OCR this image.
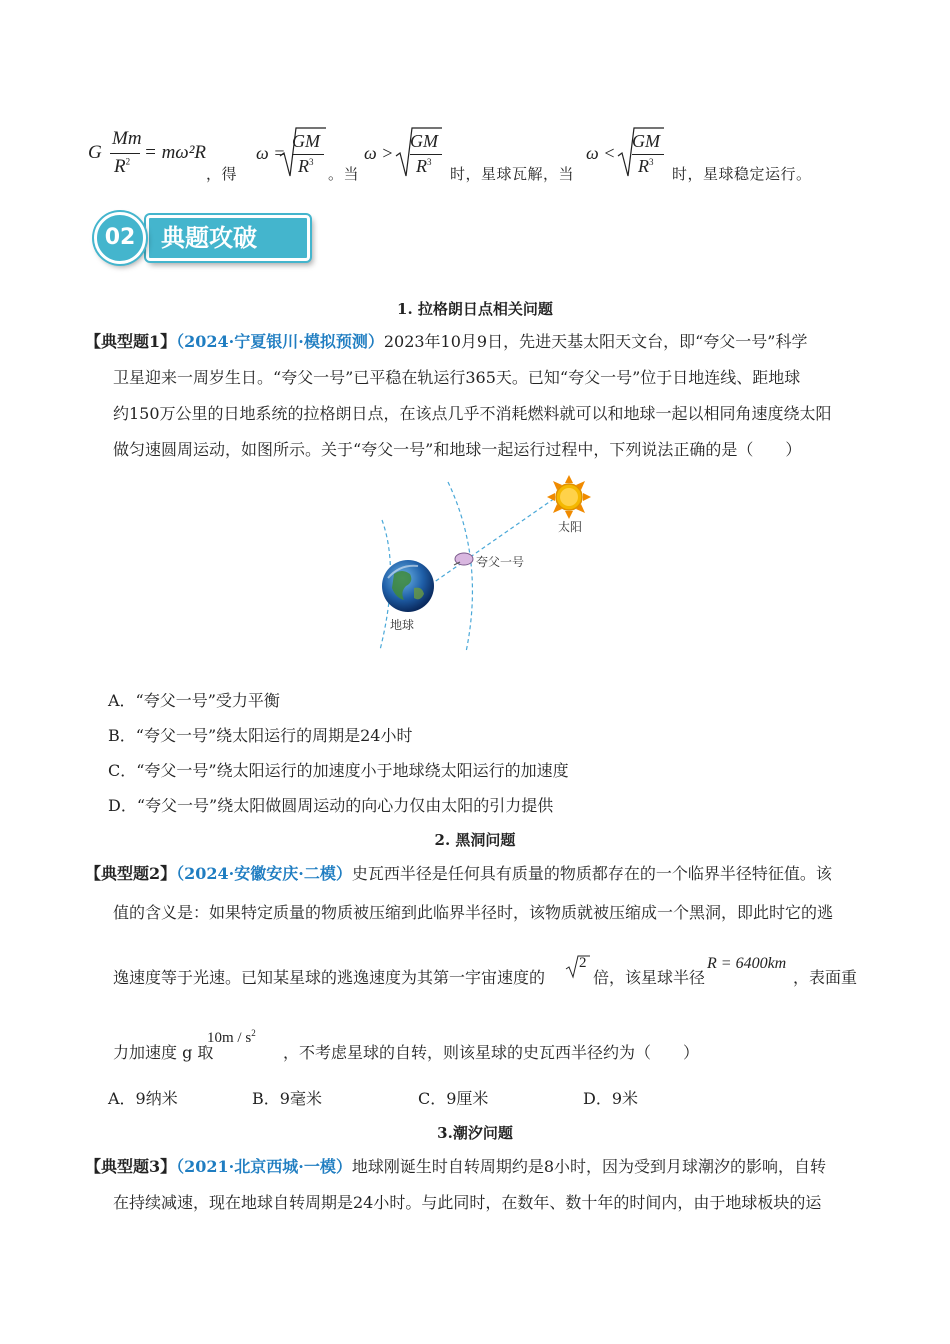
G
Mm
$R^2 = m\omega^2R$
，得
ω =
GM
$R^3$
。当
ω >
GM
$R^3$
时，星球瓦解，当
ω <
GM
$R^3$
时，星球稳定运行。
典题攻破
02
1. 拉格朗日点相关问题
【典型题1】（2024·宁夏银川·模拟预测）2023年10月9日，先进天基太阳天文台，即“夸父一号”科学
卫星迎来一周岁生日。“夸父一号”已平稳在轨运行365天。已知“夸父一号”位于日地连线、距地球
约150万公里的日地系统的拉格朗日点，在该点几乎不消耗燃料就可以和地球一起以相同角速度绕太阳
做匀速圆周运动，如图所示。关于“夸父一号”和地球一起运行过程中，下列说法正确的是（　　）
太阳
夸父一号
地球
A．“夸父一号”受力平衡
B．“夸父一号”绕太阳运行的周期是24小时
C．“夸父一号”绕太阳运行的加速度小于地球绕太阳运行的加速度
D．“夸父一号”绕太阳做圆周运动的向心力仅由太阳的引力提供
2. 黑洞问题
【典型题2】（2024·安徽安庆·二模）史瓦西半径是任何具有质量的物质都存在的一个临界半径特征值。该
值的含义是：如果特定质量的物质被压缩到此临界半径时，该物质就被压缩成一个黑洞，即此时它的逃
逸速度等于光速。已知某星球的逃逸速度为其第一宇宙速度的
2
倍，该星球半径
R = 6400km
，表面重
力加速度 g 取
$10m / s^2$
，不考虑星球的自转，则该星球的史瓦西半径约为（　　）
A．9纳米	B．9毫米	C．9厘米	D．9米
3.潮汐问题
【典型题3】（2021·北京西城·一模）地球刚诞生时自转周期约是8小时，因为受到月球潮汐的影响，自转
在持续减速，现在地球自转周期是24小时。与此同时，在数年、数十年的时间内，由于地球板块的运
